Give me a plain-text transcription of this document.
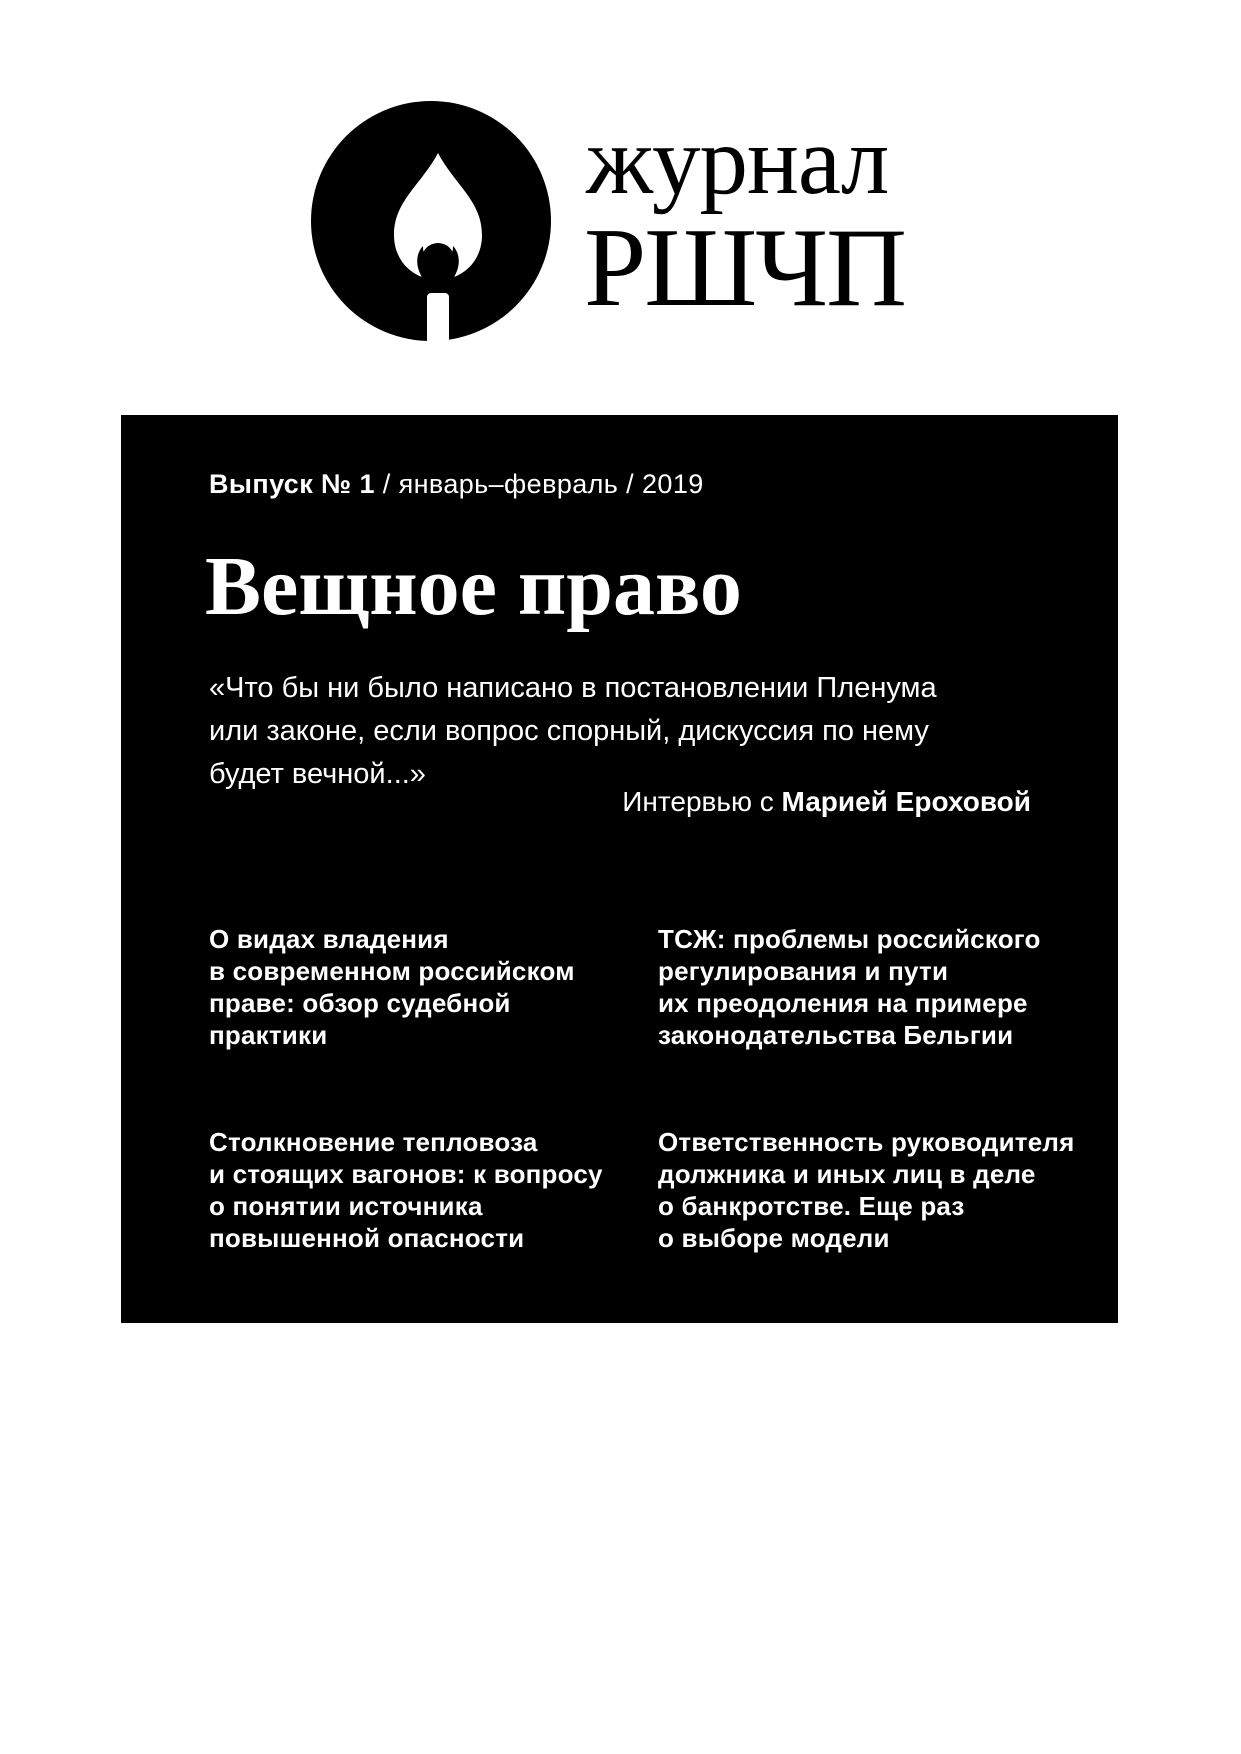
журнал
РШЧП
Выпуск № 1 / январь–февраль / 2019
Вещное право
«Что бы ни было написано в постановлении Пленума
или законе, если вопрос спорный, дискуссия по нему
будет вечной...»
Интервью с Марией Ероховой
О видах владения
в современном российском
праве: обзор судебной
практики
ТСЖ: проблемы российского
регулирования и пути
их преодоления на примере
законодательства Бельгии
Столкновение тепловоза
и стоящих вагонов: к вопросу
о понятии источника
повышенной опасности
Ответственность руководителя
должника и иных лиц в деле
о банкротстве. Еще раз
о выборе модели
